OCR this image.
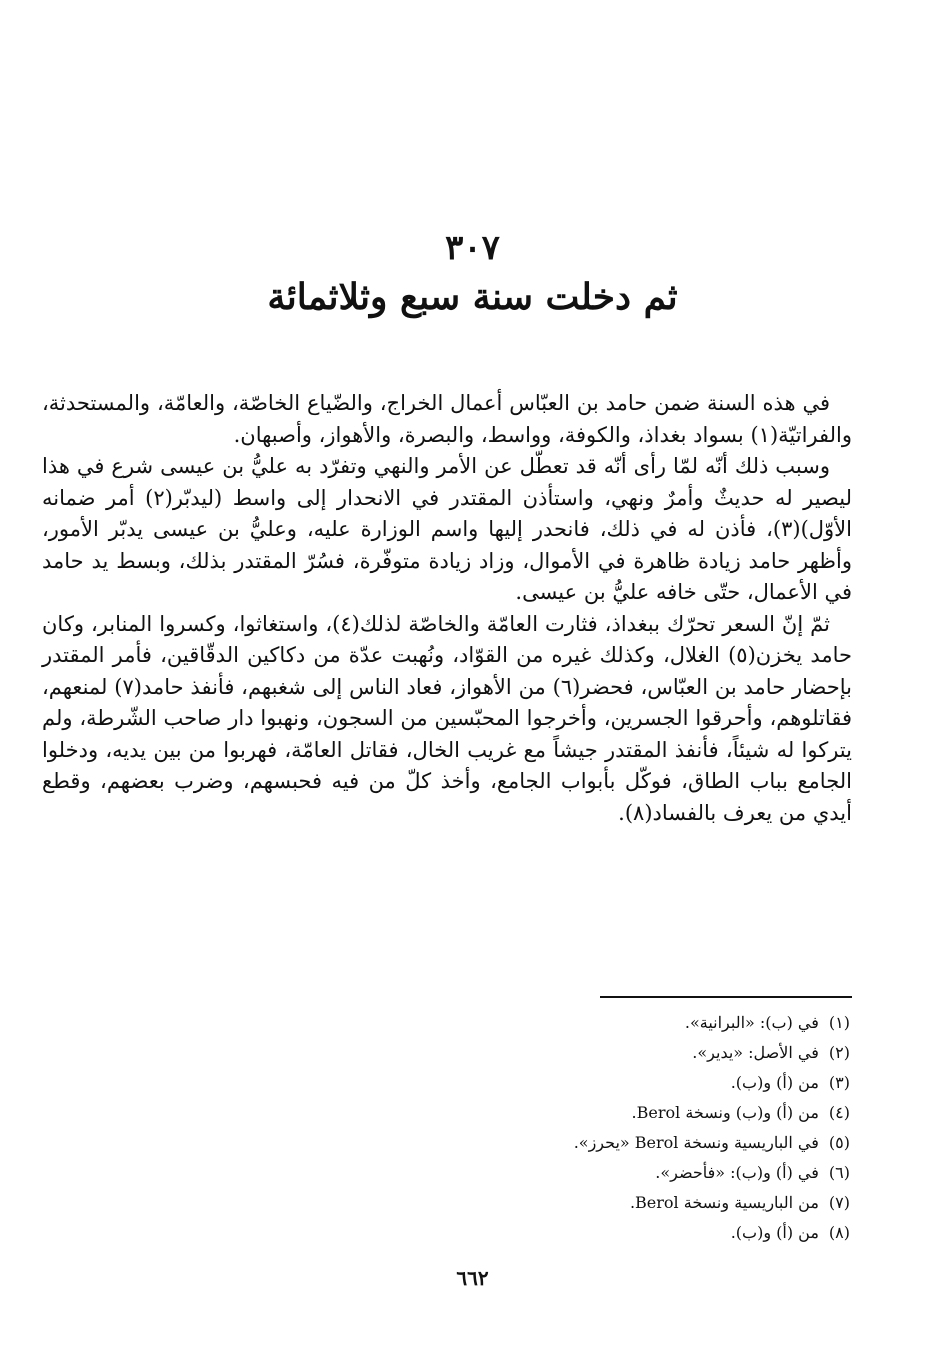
٣٠٧
ثم دخلت سنة سبع وثلاثمائة

في هذه السنة ضمن حامد بن العبّاس أعمال الخراج، والضّياع الخاصّة، والعامّة، والمستحدثة، والفراتيّة(١) بسواد بغداذ، والكوفة، وواسط، والبصرة، والأهواز، وأصبهان.

وسبب ذلك أنّه لمّا رأى أنّه قد تعطّل عن الأمر والنهي وتفرّد به عليُّ بن عيسى شرع في هذا ليصير له حديثٌ وأمرٌ ونهي، واستأذن المقتدر في الانحدار إلى واسط (ليدبّر(٢) أمر ضمانه الأوّل)(٣)، فأذن له في ذلك، فانحدر إليها واسم الوزارة عليه، وعليُّ بن عيسى يدبّر الأمور، وأظهر حامد زيادة ظاهرة في الأموال، وزاد زيادة متوفّرة، فسُرّ المقتدر بذلك، وبسط يد حامد في الأعمال، حتّى خافه عليُّ بن عيسى.

ثمّ إنّ السعر تحرّك ببغداذ، فثارت العامّة والخاصّة لذلك(٤)، واستغاثوا، وكسروا المنابر، وكان حامد يخزن(٥) الغلال، وكذلك غيره من القوّاد، ونُهبت عدّة من دكاكين الدقّاقين، فأمر المقتدر بإحضار حامد بن العبّاس، فحضر(٦) من الأهواز، فعاد الناس إلى شغبهم، فأنفذ حامد(٧) لمنعهم، فقاتلوهم، وأحرقوا الجسرين، وأخرجوا المحبّسين من السجون، ونهبوا دار صاحب الشّرطة، ولم يتركوا له شيئاً، فأنفذ المقتدر جيشاً مع غريب الخال، فقاتل العامّة، فهربوا من بين يديه، ودخلوا الجامع بباب الطاق، فوكّل بأبواب الجامع، وأخذ كلّ من فيه فحبسهم، وضرب بعضهم، وقطع أيدي من يعرف بالفساد(٨).

(١)في (ب): «البرانية».
(٢)في الأصل: «يدير».
(٣)من (أ) و(ب).
(٤)من (أ) و(ب) ونسخة Berol.
(٥)في الباريسية ونسخة Berol «يحرز».
(٦)في (أ) و(ب): «فأحضر».
(٧)من الباريسية ونسخة Berol.
(٨)من (أ) و(ب).
٦٦٢
